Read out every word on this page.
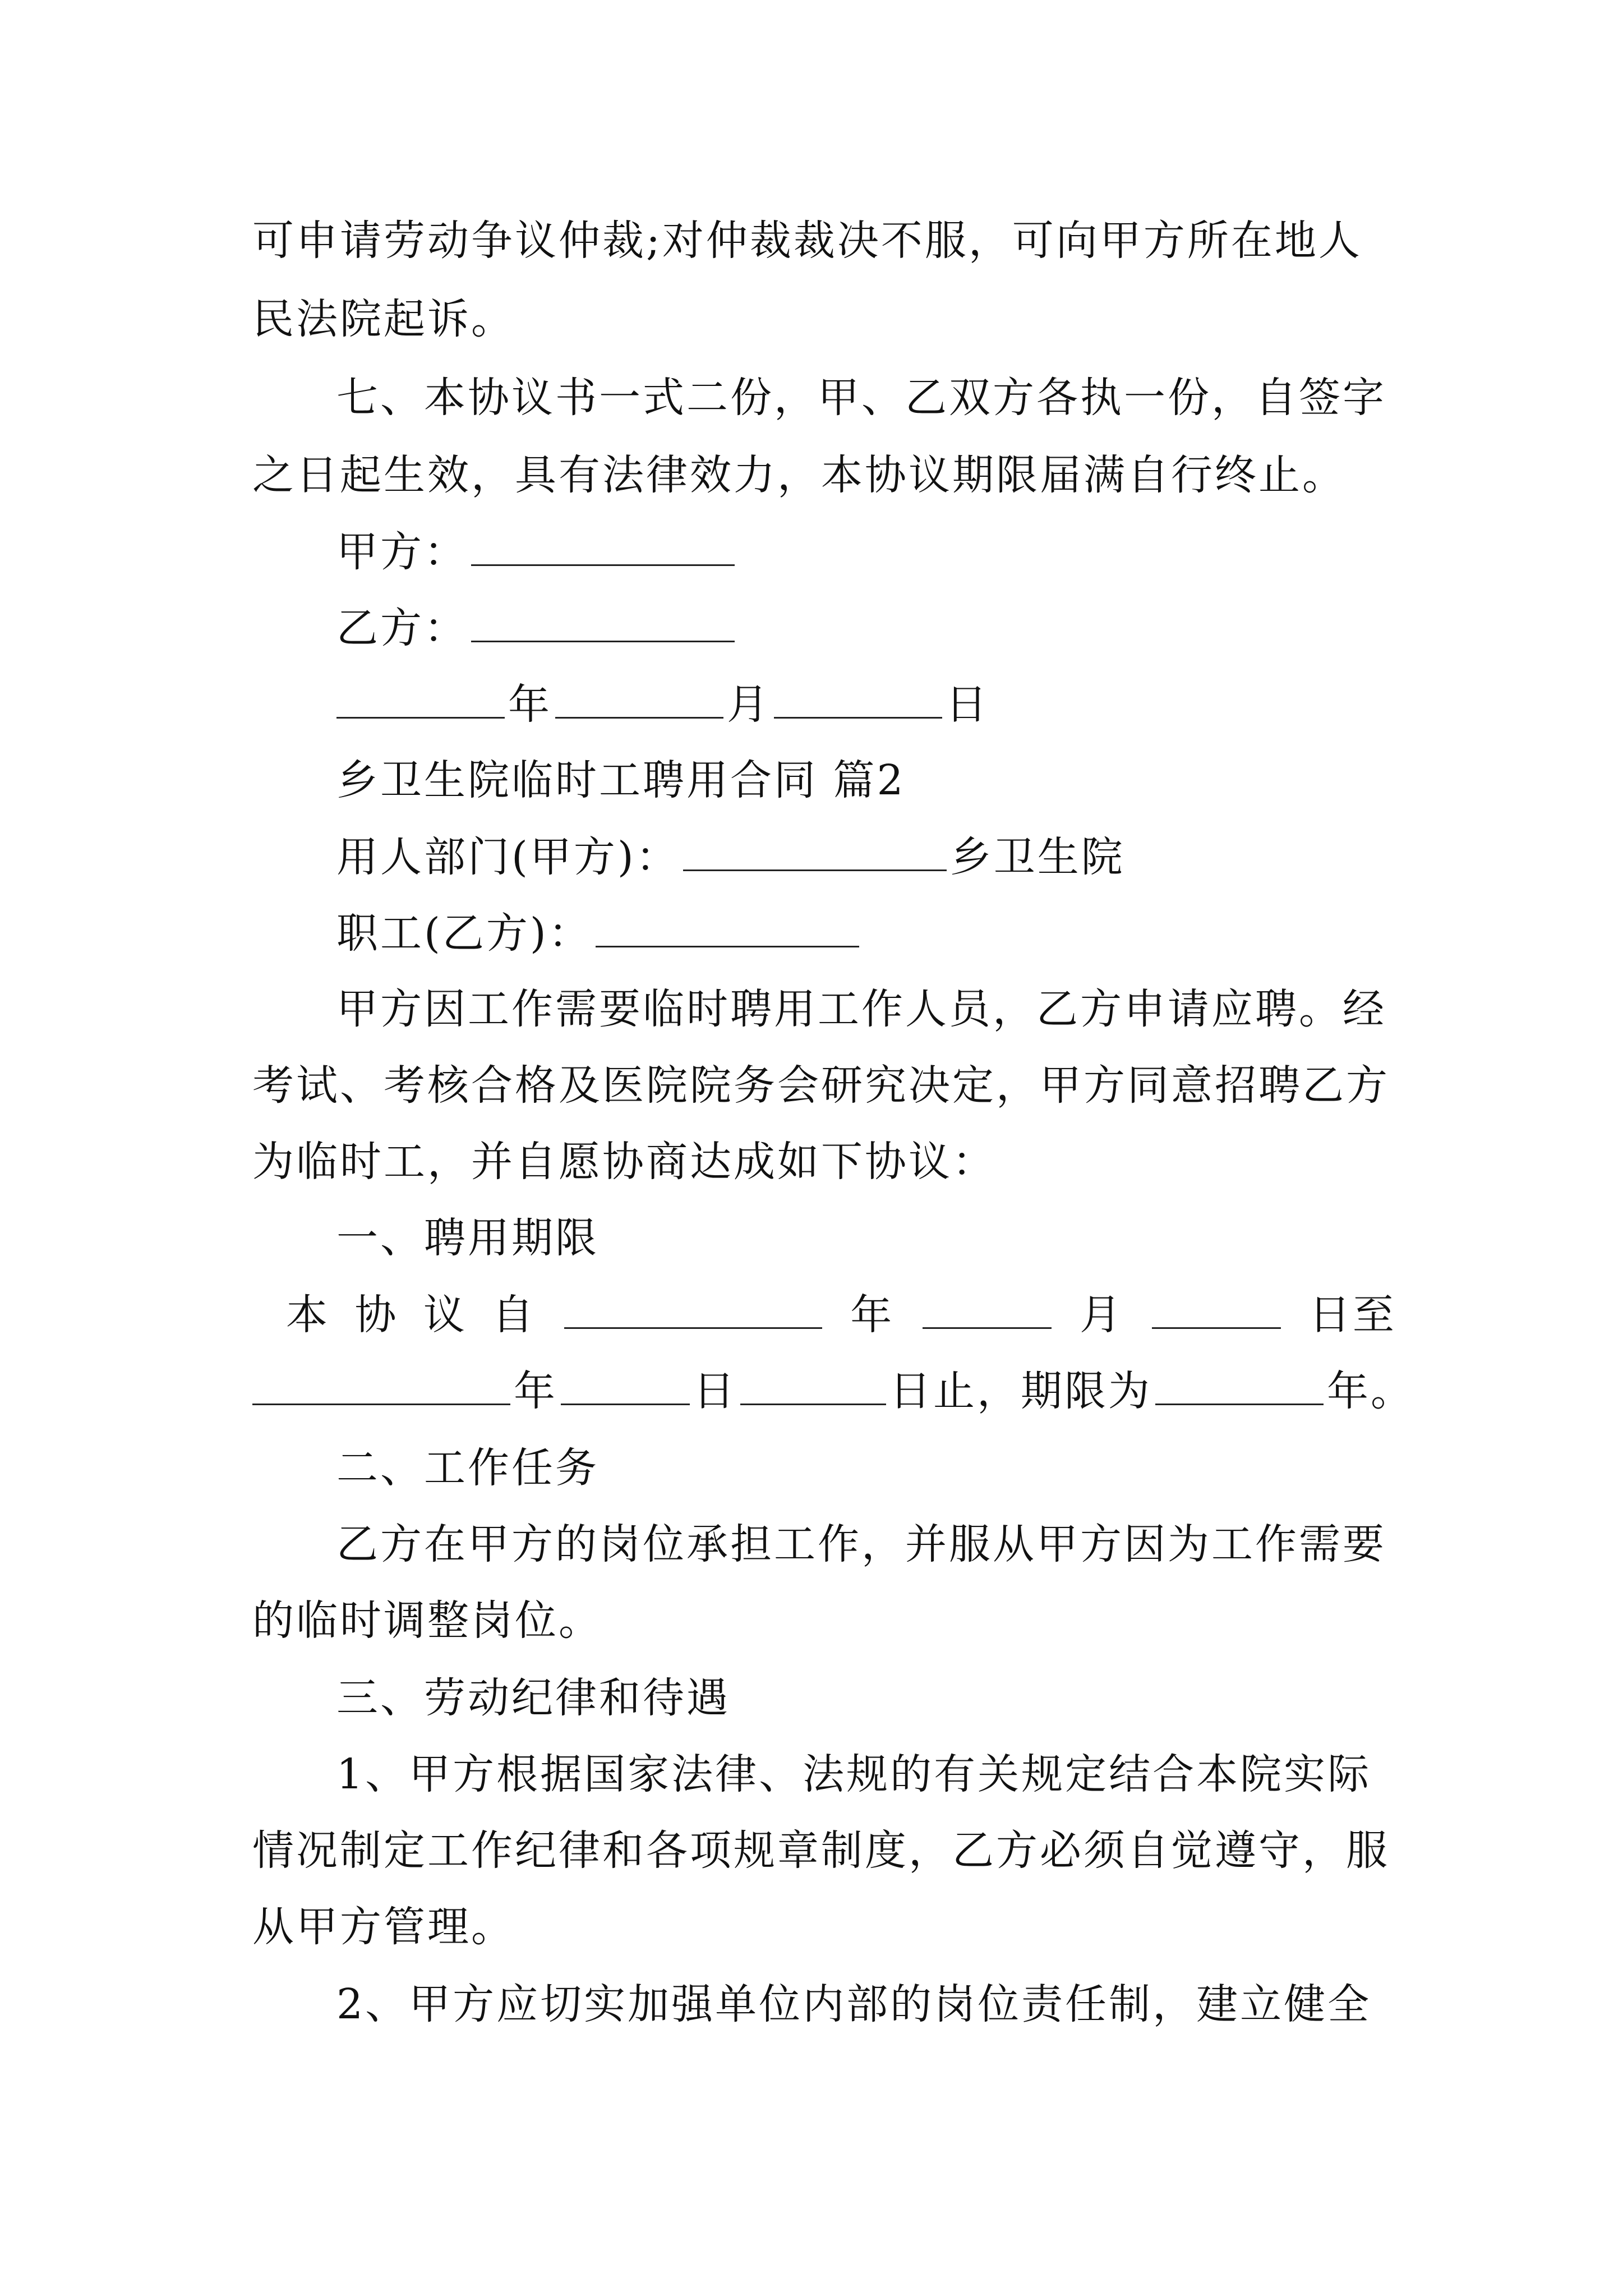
可申请劳动争议仲裁;对仲裁裁决不服，可向甲方所在地人
民法院起诉。
七、本协议书一式二份，甲、乙双方各执一份，自签字
之日起生效，具有法律效力，本协议期限届满自行终止。
甲方：
乙方：
年	月	日
乡卫生院临时工聘用合同 篇2
用人部门(甲方)：	乡卫生院
职工(乙方)：
甲方因工作需要临时聘用工作人员，乙方申请应聘。经
考试、考核合格及医院院务会研究决定，甲方同意招聘乙方
为临时工，并自愿协商达成如下协议：
一、聘用期限
本 协 议 自	年	月	日至
年	日	日止，期限为	年。
二、工作任务
乙方在甲方的岗位承担工作，并服从甲方因为工作需要
的临时调整岗位。
三、劳动纪律和待遇
1、甲方根据国家法律、法规的有关规定结合本院实际
情况制定工作纪律和各项规章制度，乙方必须自觉遵守，服
从甲方管理。
2、甲方应切实加强单位内部的岗位责任制，建立健全
